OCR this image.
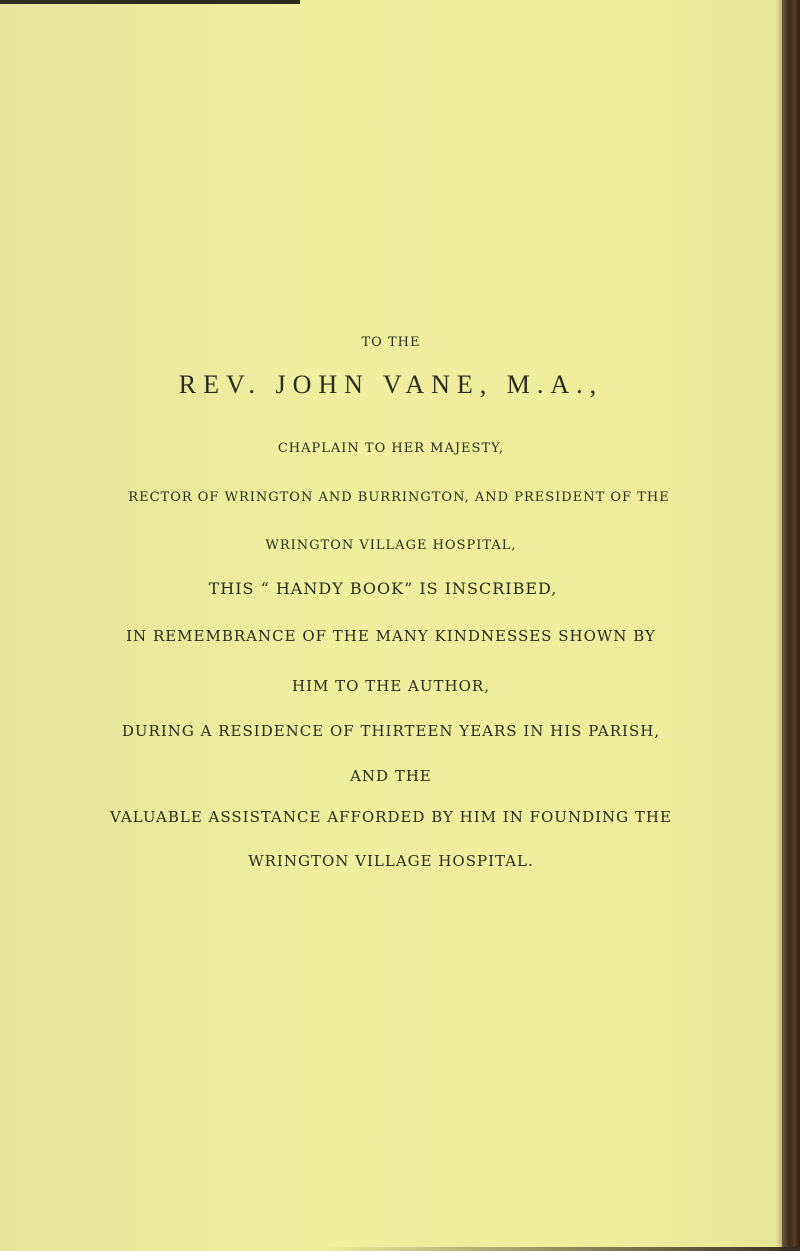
TO THE
REV. JOHN VANE, M.A.,
CHAPLAIN TO HER MAJESTY,
RECTOR OF WRINGTON AND BURRINGTON, AND PRESIDENT OF THE
WRINGTON VILLAGE HOSPITAL,
THIS “ HANDY BOOK” IS INSCRIBED,
IN REMEMBRANCE OF THE MANY KINDNESSES SHOWN BY
HIM TO THE AUTHOR,
DURING A RESIDENCE OF THIRTEEN YEARS IN HIS PARISH,
AND THE
VALUABLE ASSISTANCE AFFORDED BY HIM IN FOUNDING THE
WRINGTON VILLAGE HOSPITAL.
